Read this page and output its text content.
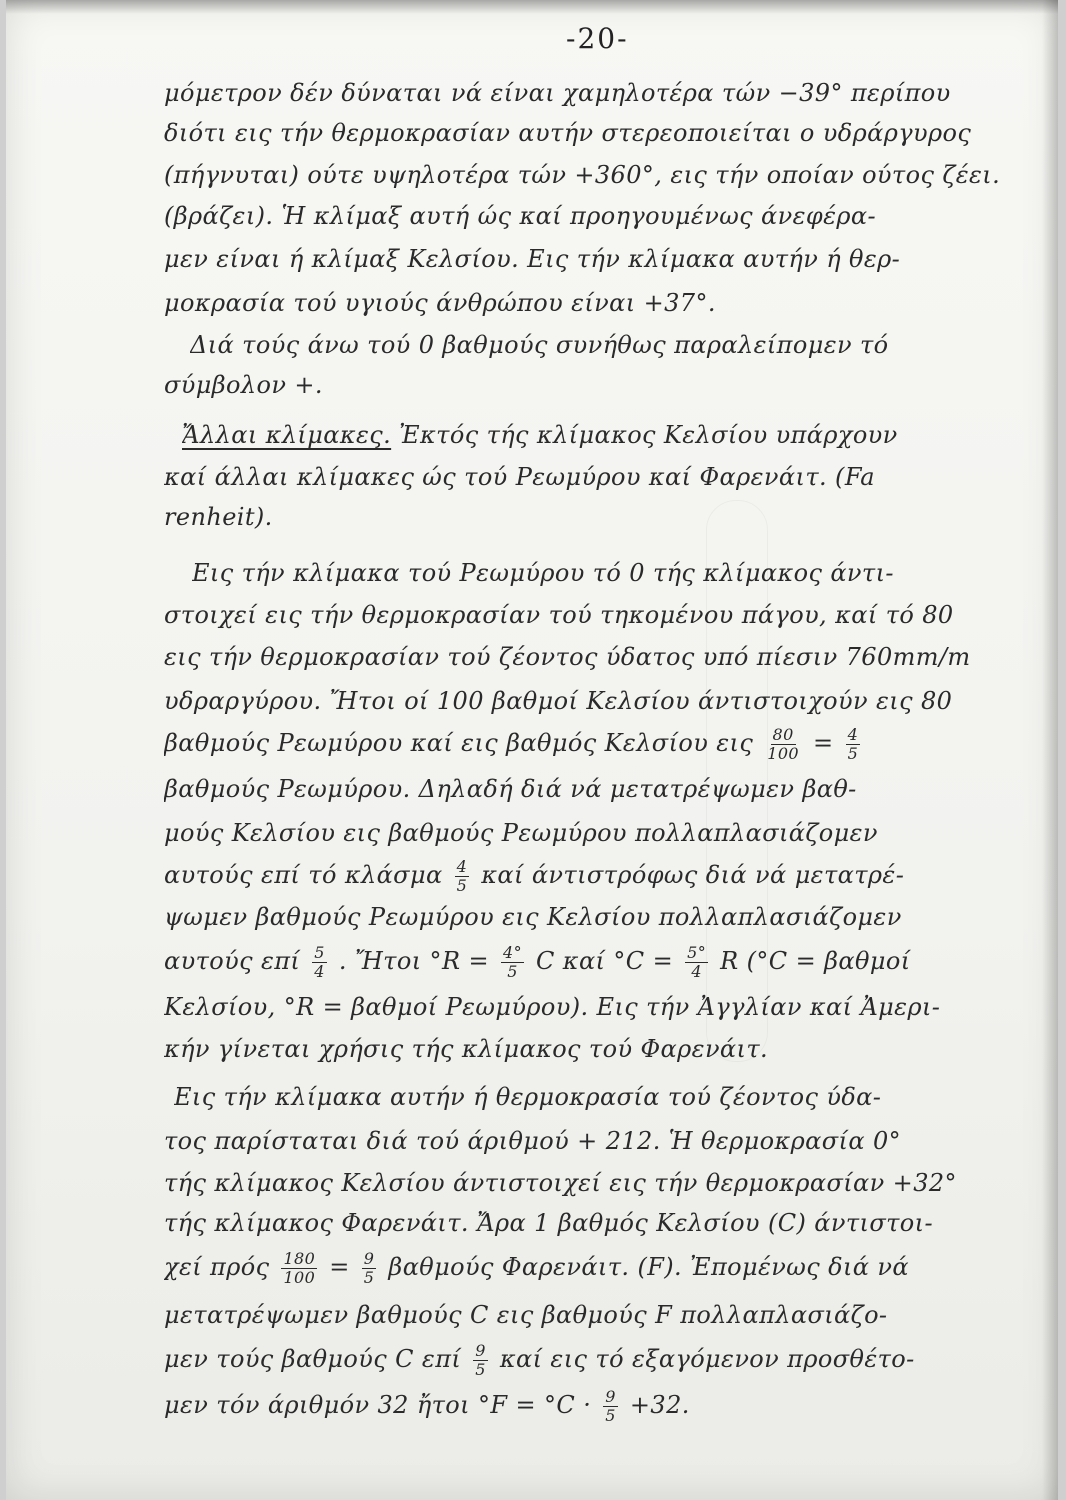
-20-
μόμετρον δέν δύναται νά είναι χαμηλοτέρα τών −39° περίπου
διότι εις τήν θερμοκρασίαν αυτήν στερεοποιείται ο υδράργυρος
(πήγνυται) ούτε υψηλοτέρα τών +360°, εις τήν οποίαν ούτος ζέει.
(βράζει). Ἡ κλίμαξ αυτή ώς καί προηγουμένως άνεφέρα-
μεν είναι ή κλίμαξ Κελσίου. Εις τήν κλίμακα αυτήν ή θερ-
μοκρασία τού υγιούς άνθρώπου είναι +37°.
Διά τούς άνω τού 0 βαθμούς συνήθως παραλείπομεν τό
σύμβολον +.
Ἄλλαι κλίμακες. Ἐκτός τής κλίμακος Κελσίου υπάρχουν
καί άλλαι κλίμακες ώς τού Ρεωμύρου καί Φαρενάιτ. (Fa
renheit).
Εις τήν κλίμακα τού Ρεωμύρου τό 0 τής κλίμακος άντι-
στοιχεί εις τήν θερμοκρασίαν τού τηκομένου πάγου, καί τό 80
εις τήν θερμοκρασίαν τού ζέοντος ύδατος υπό πίεσιν 760mm/m
υδραργύρου. Ἤτοι οί 100 βαθμοί Κελσίου άντιστοιχούν εις 80
βαθμούς Ρεωμύρου καί εις βαθμός Κελσίου εις $\frac{80}{100} = \frac{4}{5}$
βαθμούς Ρεωμύρου. Δηλαδή διά νά μετατρέψωμεν βαθ-
μούς Κελσίου εις βαθμούς Ρεωμύρου πολλαπλασιάζομεν
αυτούς επί τό κλάσμα $\frac{4}{5}$ καί άντιστρόφως διά νά μετατρέ-
ψωμεν βαθμούς Ρεωμύρου εις Κελσίου πολλαπλασιάζομεν
αυτούς επί $\frac{5}{4}$ . Ἤτοι $^\circ R = \frac{4^\circ}{5}$ C καί $^\circ C = \frac{5^\circ}{4}$ R (°C = βαθμοί
Κελσίου, °R = βαθμοί Ρεωμύρου). Εις τήν Ἀγγλίαν καί Ἀμερι-
κήν γίνεται χρήσις τής κλίμακος τού Φαρενάιτ.
Εις τήν κλίμακα αυτήν ή θερμοκρασία τού ζέοντος ύδα-
τος παρίσταται διά τού άριθμού + 212. Ἡ θερμοκρασία 0°
τής κλίμακος Κελσίου άντιστοιχεί εις τήν θερμοκρασίαν +32°
τής κλίμακος Φαρενάιτ. Ἄρα 1 βαθμός Κελσίου (C) άντιστοι-
χεί πρός $\frac{180}{100} = \frac{9}{5}$ βαθμούς Φαρενάιτ. (F). Ἐπομένως διά νά
μετατρέψωμεν βαθμούς C εις βαθμούς F πολλαπλασιάζο-
μεν τούς βαθμούς C επί $\frac{9}{5}$ καί εις τό εξαγόμενον προσθέτο-
μεν τόν άριθμόν 32 ἤτοι $^\circ F = ^\circ C \cdot \frac{9}{5} +32$.
